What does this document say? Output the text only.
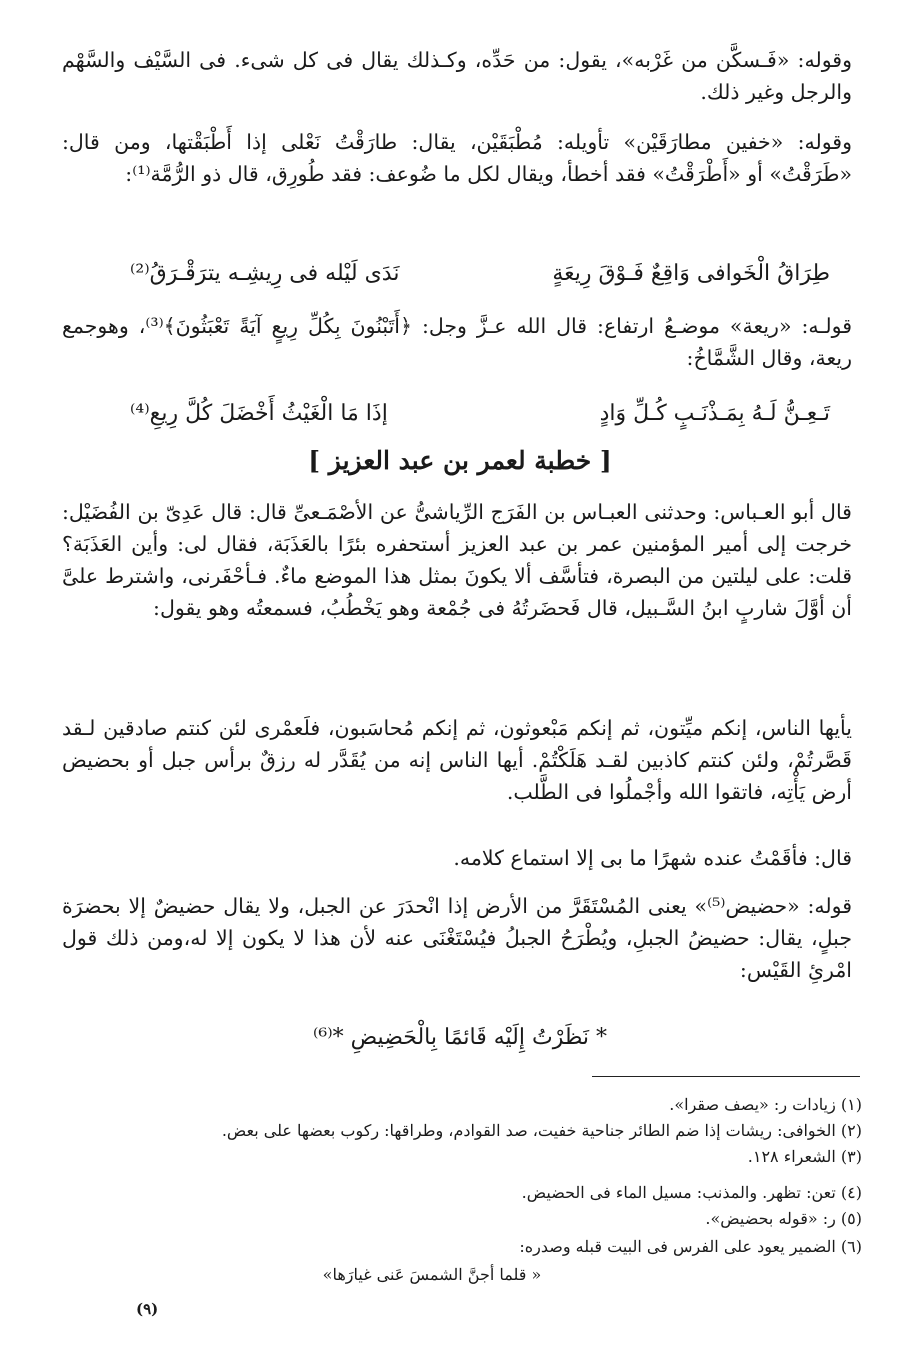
وقوله: «فَـسكَّن من غَرْبه»، يقول: من حَدِّه، وكـذلك يقال فى كل شىء. فى السَّيْف والسَّهْم والرجل وغير ذلك.

وقوله: «خفين مطارَقَيْن» تأويله: مُطْبَقَيْن، يقال: طارَقْتُ نَعْلى إذا أَطْبَقْتها، ومن قال: «طَرَقْتُ» أو «أَطْرَقْتُ» فقد أخطأ، ويقال لكل ما ضُوعف: فقد طُورِق، قال ذو الرُّمَّة⁽¹⁾:

طِرَاقُ الْخَوافى وَاقِعٌ فَـوْقَ رِيعَةٍ
نَدَى لَيْله فى رِيشِـه يترَقْـرَقُ⁽²⁾

قولـه: «ريعة» موضـعُ ارتفاع: قال الله عـزَّ وجل: ﴿أَتَبْنُونَ بِكُلِّ رِيعٍ آيَةً تَعْبَثُونَ﴾⁽³⁾، وهوجمع ريعة، وقال الشَّمَّاخُ:

تَـعِـنُّ لَـهُ بِمَـذْنَـبٍ كُـلِّ وَادٍ
إذَا مَا الْغَيْثُ أَخْضَلَ كُلَّ رِيعِ⁽⁴⁾
[ خطبة لعمر بن عبد العزيز ]

قال أبو العـباس: وحدثنى العبـاس بن الفَرَج الرِّياشىُّ عن الأصْمَـعىِّ قال: قال عَدِىّ بن الفُضَيْل: خرجت إلى أمير المؤمنين عمر بن عبد العزيز أستحفره بئرًا بالعَذَبَة، فقال لى: وأين العَذَبَة؟ قلت: على ليلتين من البصرة، فتأسَّف ألا يكونَ بمثل هذا الموضع ماءٌ. فـأحْفَرنى، واشترط علىَّ أن أوَّلَ شاربٍ ابنُ السَّـبيل، قال فَحضَرتُهُ فى جُمْعة وهو يَخْطُبُ، فسمعتُه وهو يقول:

يأيها الناس، إنكم ميِّتون، ثم إنكم مَبْعوثون، ثم إنكم مُحاسَبون، فلَعمْرى لئن كنتم صادقين لـقد قَصَّرتُمْ، ولئن كنتم كاذبين لقـد هَلَكْتُمْ. أيها الناس إنه من يُقَدَّر له رزقٌ برأس جبل أو بحضيض أرض يَأْتِه، فاتقوا الله وأجْملُوا فى الطَّلب.

قال: فأقَمْتُ عنده شهرًا ما بى إلا استماع كلامه.

قوله: «حضيض⁽⁵⁾» يعنى المُسْتَقَرَّ من الأرض إذا انْحدَرَ عن الجبل، ولا يقال حضيضٌ إلا بحضرَة جبلٍ، يقال: حضيضُ الجبلِ، ويُطْرَحُ الجبلُ فيُسْتَغْنَى عنه لأن هذا لا يكون إلا له،ومن ذلك قول امْرئِ القَيْس:

* نَظَرْتُ إِلَيْه قَائمًا بِالْحَضِيضِ *⁽⁶⁾
(١) زيادات ر: «يصف صقرا».
(٢) الخوافى: ريشات إذا ضم الطائر جناحية خفيت، صد القوادم، وطراقها: ركوب بعضها على بعض.
(٣) الشعراء ١٢٨.
(٤) تعن: تظهر. والمذنب: مسيل الماء فى الحضيض.
(٥) ر: «قوله بحضيض».
(٦) الضمير يعود على الفرس فى البيت قبله وصدره:
« قلما أجنَّ الشمسَ عَنى غيارَها»
(٩)
